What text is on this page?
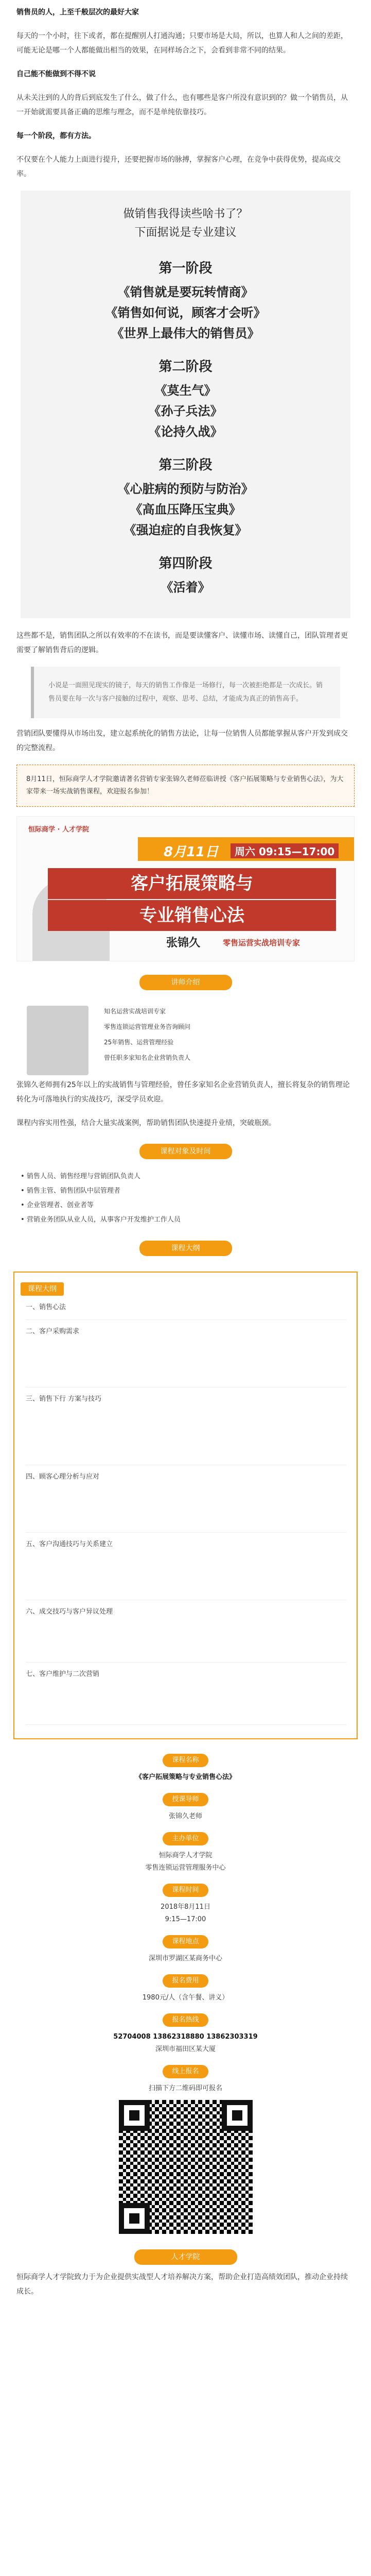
销售员的人，上至千般层次的最好大家

每天的一个小时，往下或者，都在提醒别人打通沟通；只要市场是大局，所以，也算人和人之间的差距，可能无论是哪一个人都能做出相当的效果，在同样场合之下，会看到非常不同的结果。

自己能不能做到不得不说

从未关注到的人的背后到底发生了什么，做了什么，也有哪些是客户所没有意识到的？做一个销售员，从一开始就需要具备正确的思维与理念，而不是单纯依靠技巧。

每一个阶段，都有方法。

不仅要在个人能力上面进行提升，还要把握市场的脉搏，掌握客户心理，在竞争中获得优势，提高成交率。

做销售我得读些啥书了？
下面据说是专业建议
第一阶段
《销售就是要玩转情商》
《销售如何说，顾客才会听》
《世界上最伟大的销售员》
第二阶段
《莫生气》
《孙子兵法》
《论持久战》
第三阶段
《心脏病的预防与防治》
《高血压降压宝典》
《强迫症的自我恢复》
第四阶段
《活着》

这些都不是，销售团队之所以有效率的不在读书，而是要读懂客户、读懂市场、读懂自己，团队管理者更需要了解销售背后的逻辑。

小说是一面照见现实的镜子，每天的销售工作像是一场修行，每一次被拒绝都是一次成长。销售员要在每一次与客户接触的过程中，观察、思考、总结，才能成为真正的销售高手。

营销团队要懂得从市场出发，建立起系统化的销售方法论，让每一位销售人员都能掌握从客户开发到成交的完整流程。

8月11日，恒际商学人才学院邀请著名营销专家张锦久老师莅临讲授《客户拓展策略与专业销售心法》，为大家带来一场实战销售课程，欢迎报名参加！
恒际商学 · 人才学院
8月11日	周六 09:15—17:00
客户拓展策略与
专业销售心法
张锦久	零售运营实战培训专家
讲师介绍
知名运营实战培训专家
零售连锁运营管理业务咨询顾问
25年销售、运营管理经验
曾任职多家知名企业营销负责人

张锦久老师拥有25年以上的实战销售与管理经验，曾任多家知名企业营销负责人，擅长将复杂的销售理论转化为可落地执行的实战技巧，深受学员欢迎。

课程内容实用性强，结合大量实战案例，帮助销售团队快速提升业绩，突破瓶颈。

课程对象及时间
• 销售人员、销售经理与营销团队负责人
• 销售主管、销售团队中层管理者
• 企业管理者、创业者等
• 营销业务团队从业人员，从事客户开发维护工作人员
课程大纲
课程大纲
一、销售心法
二、客户采购需求
三、销售下行 方案与技巧
四、顾客心理分析与应对
五、客户沟通技巧与关系建立
六、成交技巧与客户异议处理
七、客户维护与二次营销
课程名称
《客户拓展策略与专业销售心法》
授课导师
张锦久老师
主办单位
恒际商学人才学院
零售连锁运营管理服务中心
课程时间
2018年8月11日
9:15—17:00
课程地点
深圳市罗湖区某商务中心
报名费用
1980元/人（含午餐、讲义）
报名热线
52704008 13862318880 13862303319
深圳市福田区某大厦
线上报名
扫描下方二维码即可报名
人才学院

恒际商学人才学院致力于为企业提供实战型人才培养解决方案，帮助企业打造高绩效团队，推动企业持续成长。
